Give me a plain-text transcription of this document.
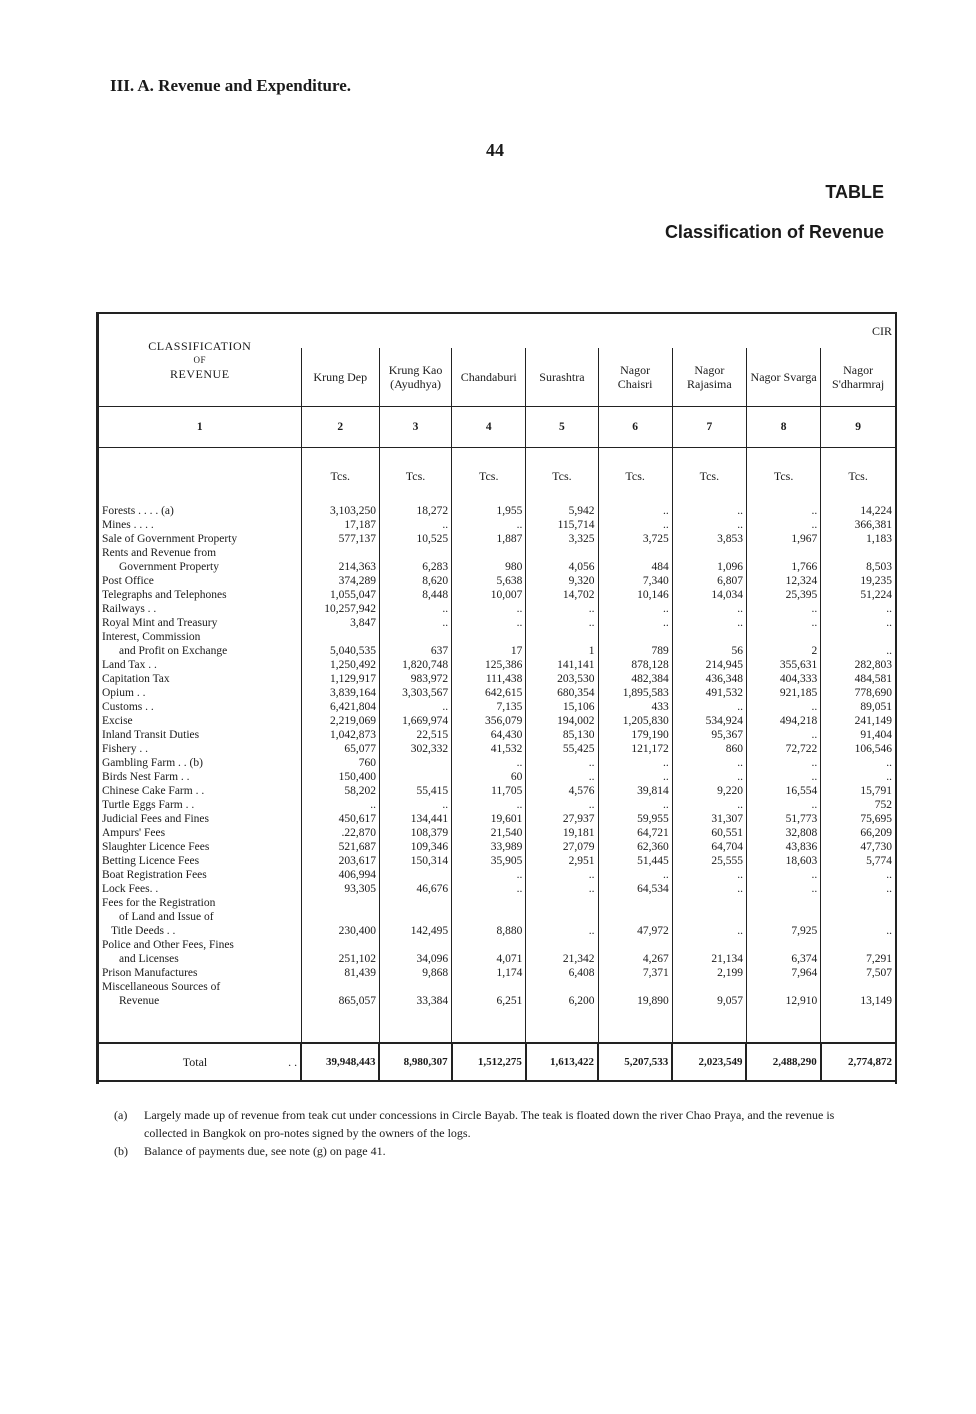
III. A. Revenue and Expenditure.
44
TABLE
Classification of Revenue
CLASSIFICATION
OF
REVENUE	CIR							
	Krung Dep	Krung Kao (Ayudhya)	Chandaburi	Surashtra	Nagor Chaisri	Nagor Rajasima	Nagor Svarga	Nagor S'dharmraj
1	2	3	4	5	6	7	8	9
	Tcs.	Tcs.	Tcs.	Tcs.	Tcs.	Tcs.	Tcs.	Tcs.
Forests . . . . (a)	3,103,250	18,272	1,955	5,942	..	..	..	14,224
Mines . . . .	17,187	..	..	115,714	..	..	..	366,381
Sale of Government Property	577,137	10,525	1,887	3,325	3,725	3,853	1,967	1,183
Rents and Revenue from								
Government Property	214,363	6,283	980	4,056	484	1,096	1,766	8,503
Post Office	374,289	8,620	5,638	9,320	7,340	6,807	12,324	19,235
Telegraphs and Telephones	1,055,047	8,448	10,007	14,702	10,146	14,034	25,395	51,224
Railways . .	10,257,942	..	..	..	..	..	..	..
Royal Mint and Treasury	3,847	..	..	..	..	..	..	..
Interest, Commission								
and Profit on Exchange	5,040,535	637	17	1	789	56	2	..
Land Tax . .	1,250,492	1,820,748	125,386	141,141	878,128	214,945	355,631	282,803
Capitation Tax	1,129,917	983,972	111,438	203,530	482,384	436,348	404,333	484,581
Opium . .	3,839,164	3,303,567	642,615	680,354	1,895,583	491,532	921,185	778,690
Customs . .	6,421,804	..	7,135	15,106	433	..	..	89,051
Excise	2,219,069	1,669,974	356,079	194,002	1,205,830	534,924	494,218	241,149
Inland Transit Duties	1,042,873	22,515	64,430	85,130	179,190	95,367	..	91,404
Fishery . .	65,077	302,332	41,532	55,425	121,172	860	72,722	106,546
Gambling Farm . . (b)	760		..	..	..	..	..	..
Birds Nest Farm . .	150,400		60	..	..	..	..	..
Chinese Cake Farm . .	58,202	55,415	11,705	4,576	39,814	9,220	16,554	15,791
Turtle Eggs Farm . .	..	..	..	..	..	..	..	752
Judicial Fees and Fines	450,617	134,441	19,601	27,937	59,955	31,307	51,773	75,695
Ampurs' Fees	.22,870	108,379	21,540	19,181	64,721	60,551	32,808	66,209
Slaughter Licence Fees	521,687	109,346	33,989	27,079	62,360	64,704	43,836	47,730
Betting Licence Fees	203,617	150,314	35,905	2,951	51,445	25,555	18,603	5,774
Boat Registration Fees	406,994		..	..	..	..	..	..
Lock Fees. .	93,305	46,676	..	..	64,534	..	..	..
Fees for the Registration								
of Land and Issue of								
Title Deeds . .	230,400	142,495	8,880	..	47,972	..	7,925	..
Police and Other Fees, Fines								
and Licenses	251,102	34,096	4,071	21,342	4,267	21,134	6,374	7,291
Prison Manufactures	81,439	9,868	1,174	6,408	7,371	2,199	7,964	7,507
Miscellaneous Sources of								
Revenue	865,057	33,384	6,251	6,200	19,890	9,057	12,910	13,149

Total . .	39,948,443	8,980,307	1,512,275	1,613,422	5,207,533	2,023,549	2,488,290	2,774,872
(a) Largely made up of revenue from teak cut under concessions in Circle Bayab. The teak is floated down the river Chao Praya, and the revenue is collected in Bangkok on pro-notes signed by the owners of the logs.
(b) Balance of payments due, see note (g) on page 41.
